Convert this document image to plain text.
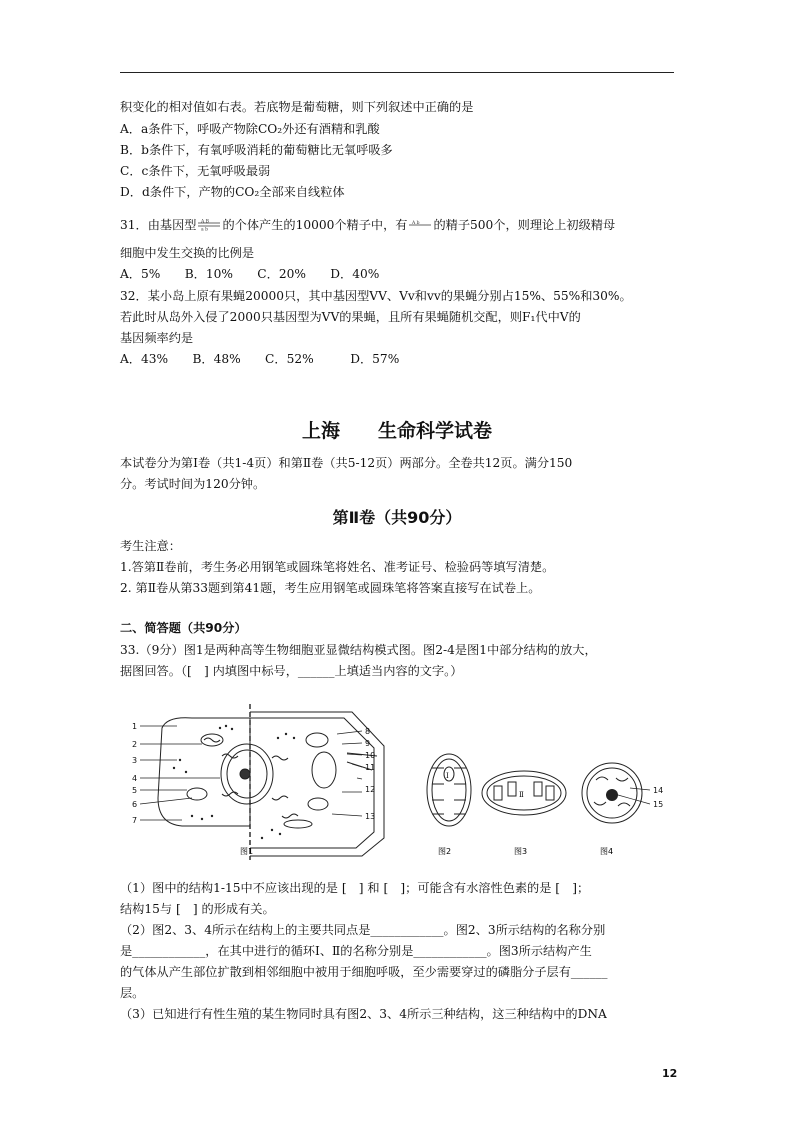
积变化的相对值如右表。若底物是葡萄糖，则下列叙述中正确的是
A．a条件下，呼吸产物除CO₂外还有酒精和乳酸
B．b条件下，有氧呼吸消耗的葡萄糖比无氧呼吸多
C．c条件下，无氧呼吸最弱
D．d条件下，产物的CO₂全部来自线粒体
31．由基因型 A B
a b 的个体产生的10000个精子中，有 A b 的精子500个，则理论上初级精母
细胞中发生交换的比例是
A．5%　　B．10%　　C．20%　　D．40%
32．某小岛上原有果蝇20000只，其中基因型VV、Vv和vv的果蝇分别占15%、55%和30%。
若此时从岛外入侵了2000只基因型为VV的果蝇，且所有果蝇随机交配，则F₁代中V的
基因频率约是
A．43%　　B．48%　　C．52%　　　D．57%
上海　　生命科学试卷
本试卷分为第Ⅰ卷（共1-4页）和第Ⅱ卷（共5-12页）两部分。全卷共12页。满分150
分。考试时间为120分钟。
第Ⅱ卷（共90分）
考生注意：
1.答第Ⅱ卷前，考生务必用钢笔或圆珠笔将姓名、准考证号、检验码等填写清楚。
2. 第Ⅱ卷从第33题到第41题，考生应用钢笔或圆珠笔将答案直接写在试卷上。
二、简答题（共90分）
33.（9分）图1是两种高等生物细胞亚显微结构模式图。图2-4是图1中部分结构的放大，
据图回答。（[　] 内填图中标号，______上填适当内容的文字。）
1
2
3
4
5
6
7
8
9
10
11
12
13
图1
Ⅰ
图2
Ⅱ
图3
14
15
图4
（1）图中的结构1-15中不应该出现的是 [　] 和 [　]；可能含有水溶性色素的是 [　]；
结构15与 [　] 的形成有关。
（2）图2、3、4所示在结构上的主要共同点是____________。图2、3所示结构的名称分别
是____________，在其中进行的循环Ⅰ、Ⅱ的名称分别是____________。图3所示结构产生
的气体从产生部位扩散到相邻细胞中被用于细胞呼吸，至少需要穿过的磷脂分子层有______
层。
（3）已知进行有性生殖的某生物同时具有图2、3、4所示三种结构，这三种结构中的DNA
12
